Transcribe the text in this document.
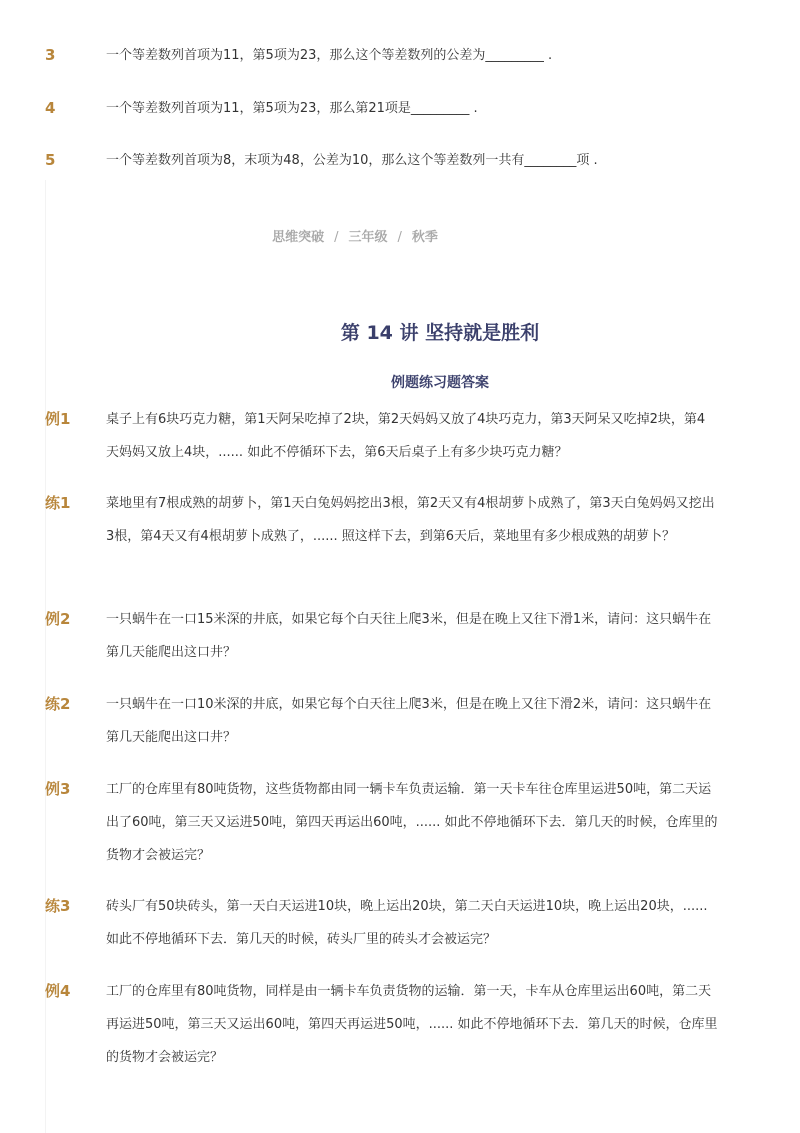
3	一个等差数列首项为11，第5项为23，那么这个等差数列的公差为_________ .

4	一个等差数列首项为11，第5项为23，那么第21项是_________ .

5	一个等差数列首项为8，末项为48，公差为10，那么这个等差数列一共有________项 .

思维突破 / 三年级 / 秋季
第 14 讲 坚持就是胜利
例题练习题答案
例1	桌子上有6块巧克力糖，第1天阿呆吃掉了2块，第2天妈妈又放了4块巧克力，第3天阿呆又吃掉2块，第4天妈妈又放上4块，...... 如此不停循环下去，第6天后桌子上有多少块巧克力糖？

练1	菜地里有7根成熟的胡萝卜，第1天白兔妈妈挖出3根，第2天又有4根胡萝卜成熟了，第3天白兔妈妈又挖出3根，第4天又有4根胡萝卜成熟了，...... 照这样下去，到第6天后，菜地里有多少根成熟的胡萝卜？

例2	一只蜗牛在一口15米深的井底，如果它每个白天往上爬3米，但是在晚上又往下滑1米，请问：这只蜗牛在第几天能爬出这口井？

练2	一只蜗牛在一口10米深的井底，如果它每个白天往上爬3米，但是在晚上又往下滑2米，请问：这只蜗牛在第几天能爬出这口井？

例3	工厂的仓库里有80吨货物，这些货物都由同一辆卡车负责运输．第一天卡车往仓库里运进50吨，第二天运出了60吨，第三天又运进50吨，第四天再运出60吨，...... 如此不停地循环下去．第几天的时候，仓库里的货物才会被运完？

练3	砖头厂有50块砖头，第一天白天运进10块，晚上运出20块，第二天白天运进10块，晚上运出20块，......如此不停地循环下去．第几天的时候，砖头厂里的砖头才会被运完？

例4	工厂的仓库里有80吨货物，同样是由一辆卡车负责货物的运输．第一天，卡车从仓库里运出60吨，第二天再运进50吨，第三天又运出60吨，第四天再运进50吨，...... 如此不停地循环下去．第几天的时候，仓库里的货物才会被运完？
